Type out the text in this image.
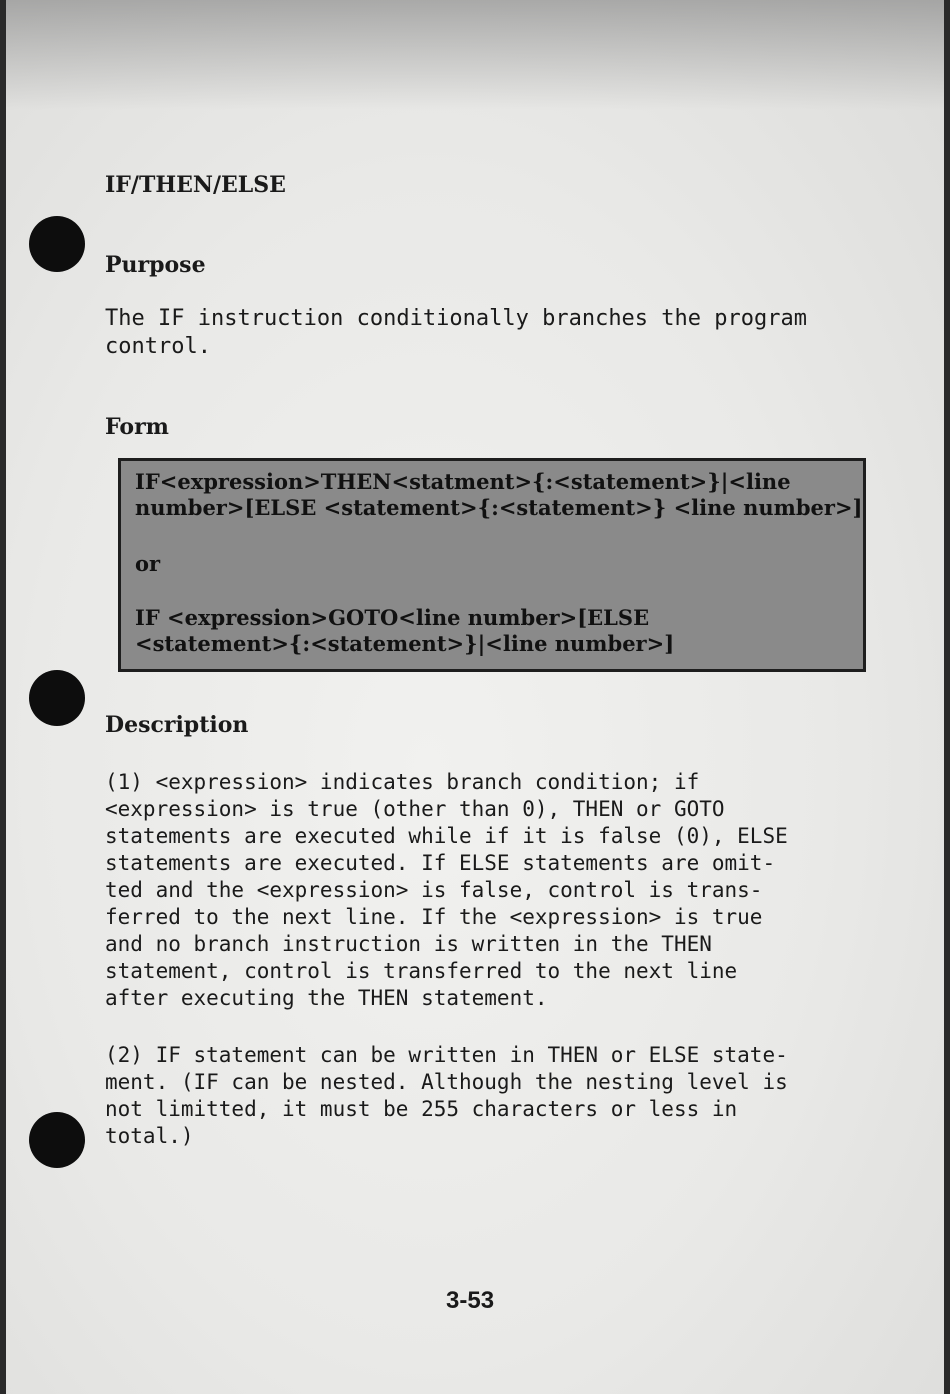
IF/THEN/ELSE
Purpose
The IF instruction conditionally branches the program
control.
Form
IF<expression>THEN<statment>{:<statement>}|<line
number>[ELSE <statement>{:<statement>} <line number>]
or
IF <expression>GOTO<line number>[ELSE
<statement>{:<statement>}|<line number>]
Description
(1) <expression> indicates branch condition; if
<expression> is true (other than 0), THEN or GOTO
statements are executed while if it is false (0), ELSE
statements are executed. If ELSE statements are omit-
ted and the <expression> is false, control is trans-
ferred to the next line. If the <expression> is true
and no branch instruction is written in the THEN
statement, control is transferred to the next line
after executing the THEN statement.
(2) IF statement can be written in THEN or ELSE state-
ment. (IF can be nested. Although the nesting level is
not limitted, it must be 255 characters or less in
total.)
3-53
